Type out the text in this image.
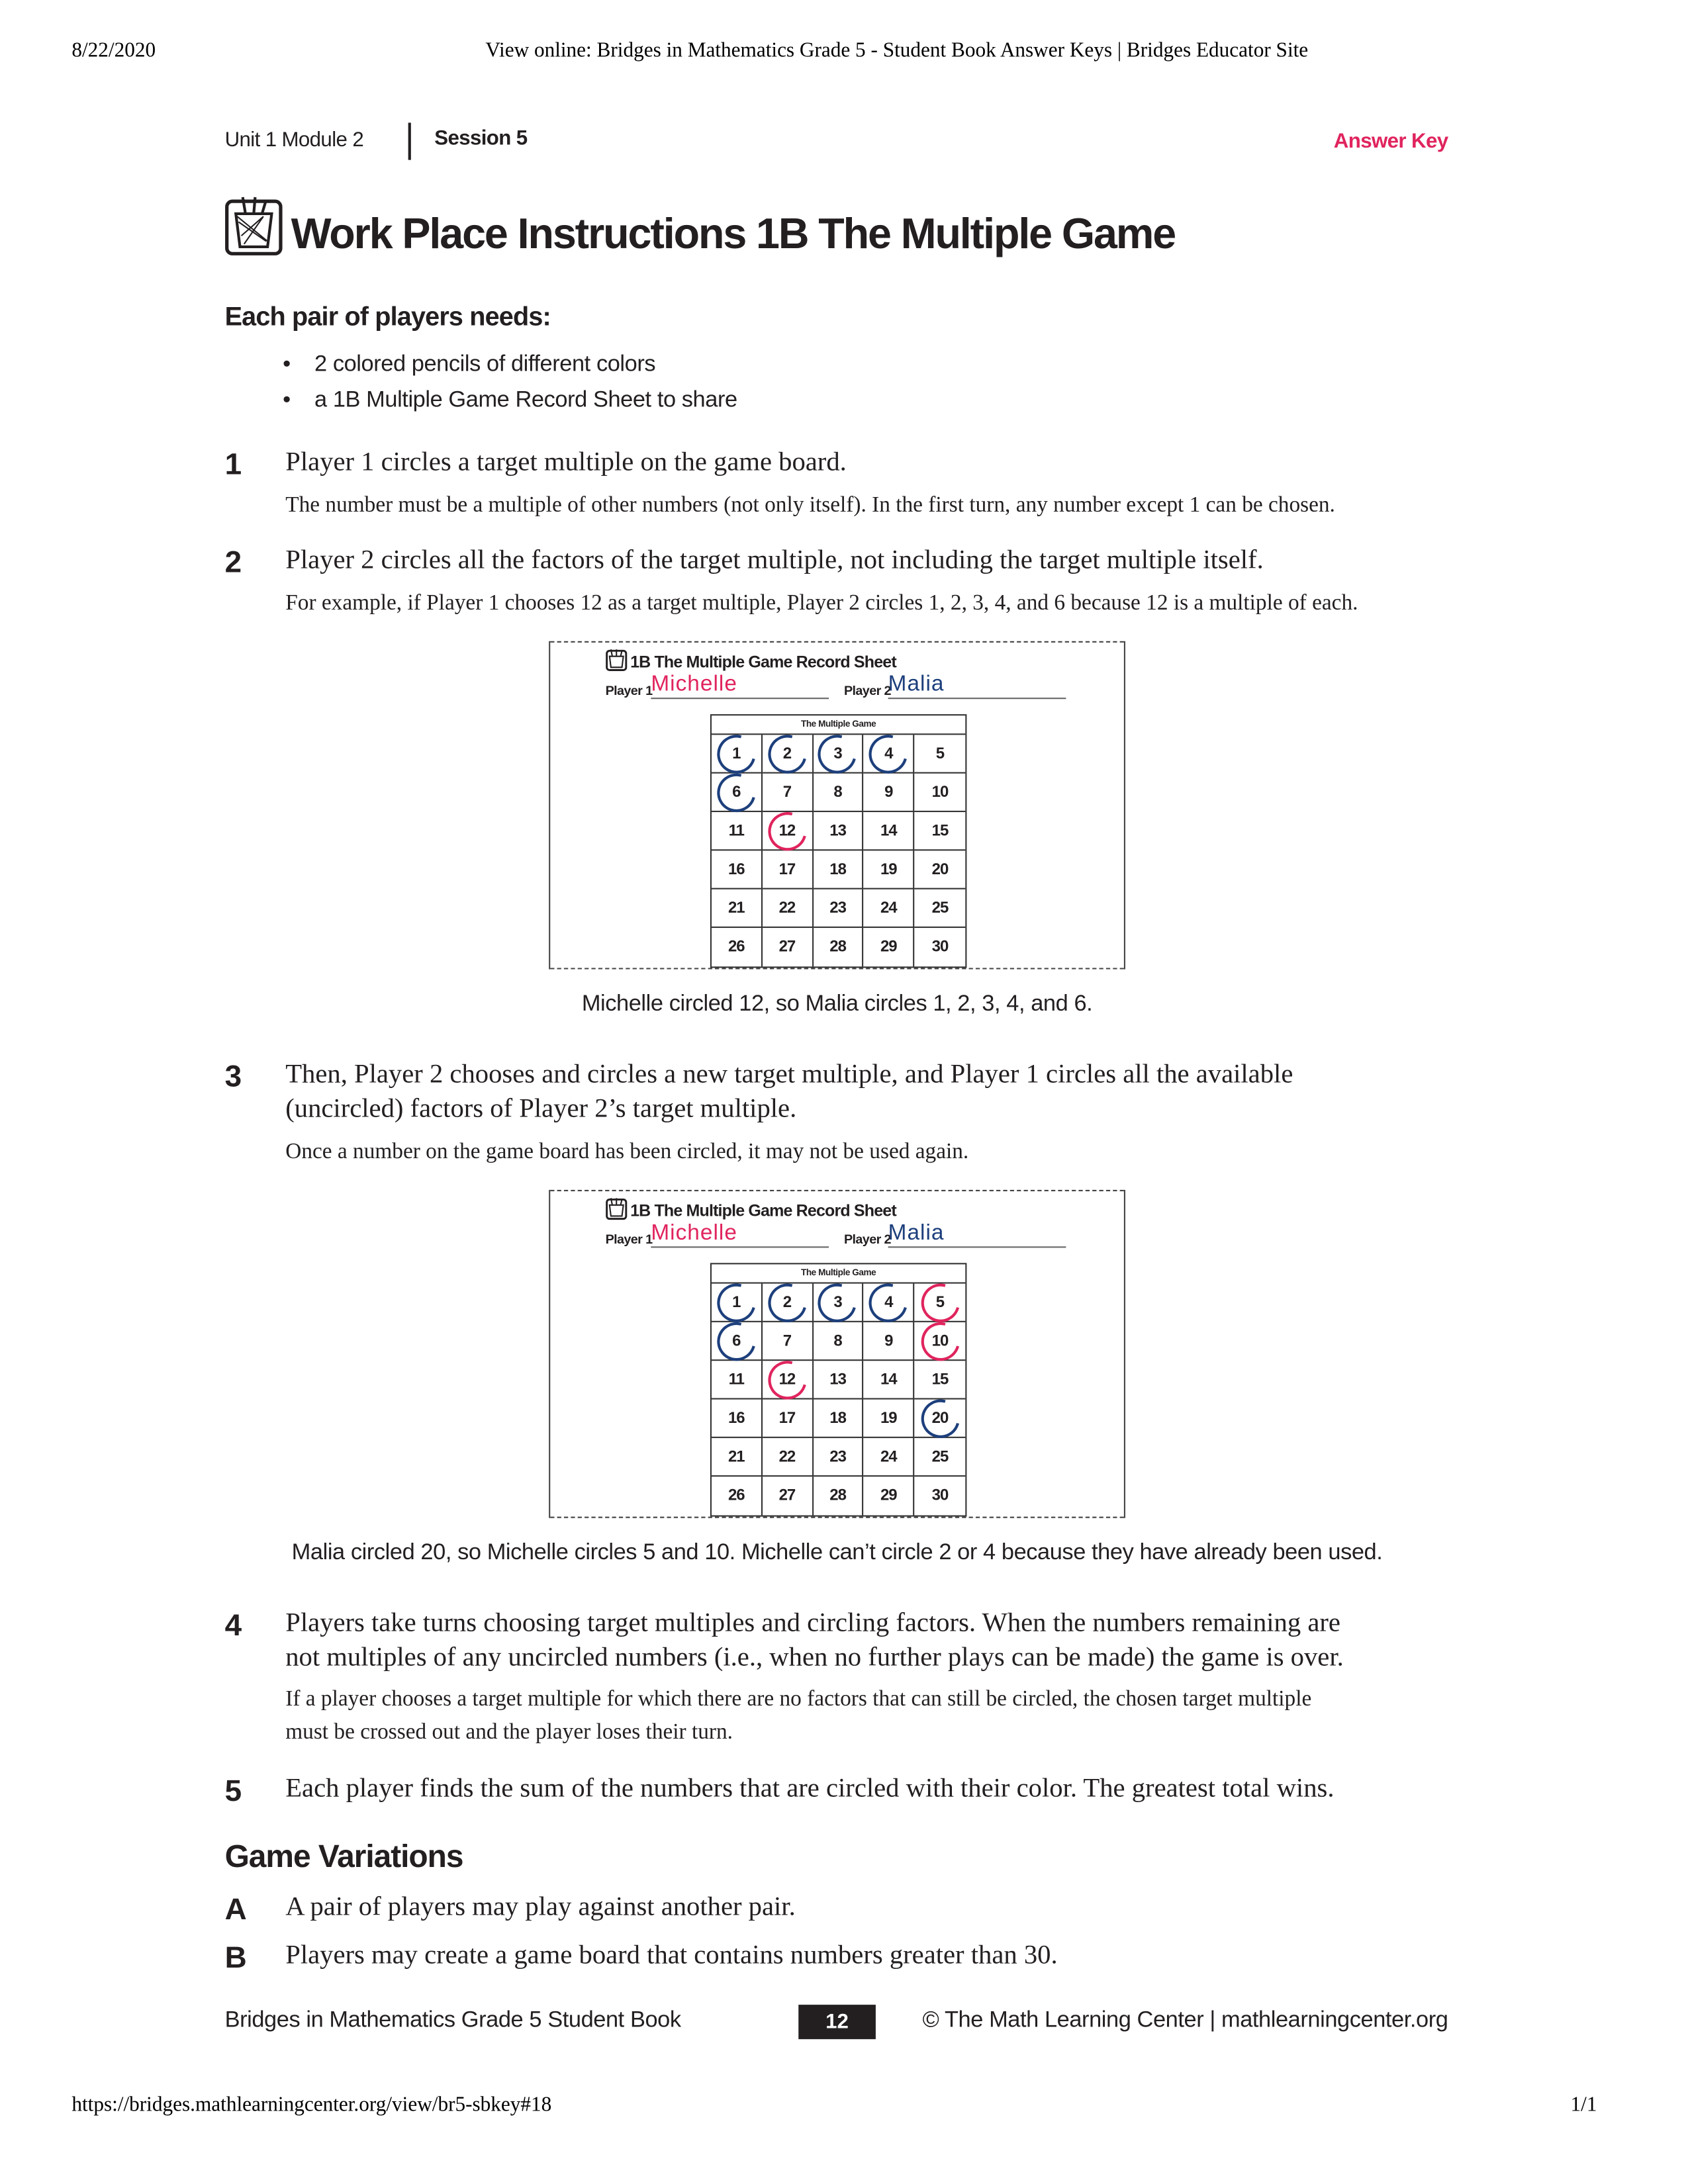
8/22/2020	View online: Bridges in Mathematics Grade 5 - Student Book Answer Keys | Bridges Educator Site
Unit 1 Module 2	Session 5	Answer Key
Work Place Instructions 1B The Multiple Game
Each pair of players needs:
• 2 colored pencils of different colors
• a 1B Multiple Game Record Sheet to share
1	Player 1 circles a target multiple on the game board.
The number must be a multiple of other numbers (not only itself). In the first turn, any number except 1 can be chosen.
2	Player 2 circles all the factors of the target multiple, not including the target multiple itself.
For example, if Player 1 chooses 12 as a target multiple, Player 2 circles 1, 2, 3, 4, and 6 because 12 is a multiple of each.
1B The Multiple Game Record Sheet
Player 1
Michelle	Player 2
Malia
The Multiple Game
1	2	3	4	5
6	7	8	9	10
11	12	13	14	15
16	17	18	19	20
21	22	23	24	25
26	27	28	29	30
Michelle circled 12, so Malia circles 1, 2, 3, 4, and 6.
3	Then, Player 2 chooses and circles a new target multiple, and Player 1 circles all the available
(uncircled) factors of Player 2’s target multiple.
Once a number on the game board has been circled, it may not be used again.
1B The Multiple Game Record Sheet
Player 1
Michelle	Player 2
Malia
The Multiple Game
1	2	3	4	5
6	7	8	9	10
11	12	13	14	15
16	17	18	19	20
21	22	23	24	25
26	27	28	29	30
Malia circled 20, so Michelle circles 5 and 10. Michelle can’t circle 2 or 4 because they have already been used.
4	Players take turns choosing target multiples and circling factors. When the numbers remaining are
not multiples of any uncircled numbers (i.e., when no further plays can be made) the game is over.
If a player chooses a target multiple for which there are no factors that can still be circled, the chosen target multiple
must be crossed out and the player loses their turn.
5	Each player finds the sum of the numbers that are circled with their color. The greatest total wins.
Game Variations
A	A pair of players may play against another pair.
B	Players may create a game board that contains numbers greater than 30.
Bridges in Mathematics Grade 5 Student Book	12	© The Math Learning Center | mathlearningcenter.org
https://bridges.mathlearningcenter.org/view/br5-sbkey#18	1/1
